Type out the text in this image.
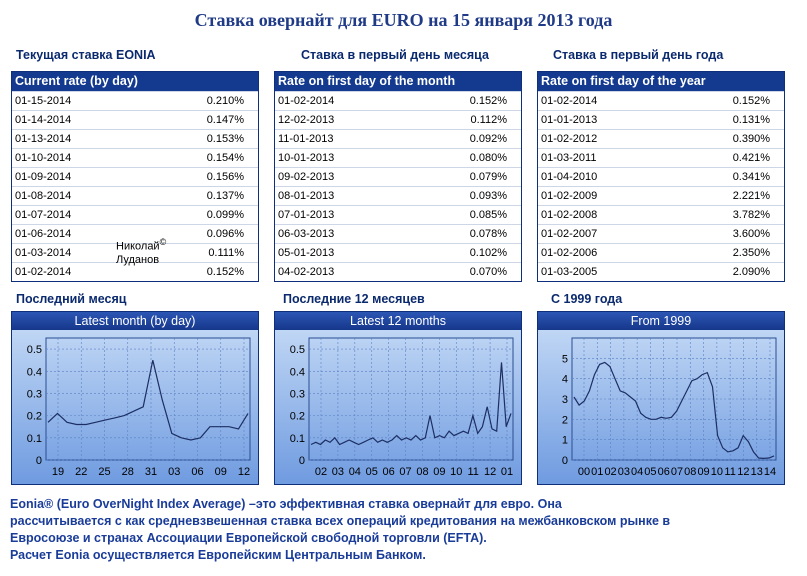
Ставка овернайт для EURO на 15 января 2013 года
Текущая ставка EONIA	Ставка в первый день месяца	Ставка в первый день года
Current rate (by day)
01-15-2014	0.210%
01-14-2014	0.147%
01-13-2014	0.153%
01-10-2014	0.154%
01-09-2014	0.156%
01-08-2014	0.137%
01-07-2014	0.099%
01-06-2014	0.096%
01-03-2014	0.111%
01-02-2014	0.152%
Rate on first day of the month
01-02-2014	0.152%
12-02-2013	0.112%
11-01-2013	0.092%
10-01-2013	0.080%
09-02-2013	0.079%
08-01-2013	0.093%
07-01-2013	0.085%
06-03-2013	0.078%
05-01-2013	0.102%
04-02-2013	0.070%
Rate on first day of the year
01-02-2014	0.152%
01-01-2013	0.131%
01-02-2012	0.390%
01-03-2011	0.421%
01-04-2010	0.341%
01-02-2009	2.221%
01-02-2008	3.782%
01-02-2007	3.600%
01-02-2006	2.350%
01-03-2005	2.090%
Николай©
Луданов
Последний месяц	Последние 12 месяцев	С 1999 года
Latest month (by day)
0
0.1
0.2
0.3
0.4
0.5
19 22 25 28 31 03 06 09 12
Latest 12 months
0
0.1
0.2
0.3
0.4
0.5
02 03 04 05 06 07 08 09 10 11 12 01
From 1999
0
1
2
3
4
5
00 01 02 03 04 05 06 07 08 09 10 11 12 13 14

Eonia® (Euro OverNight Index Average) –это эффективная ставка овернайт для евро. Она

рассчитывается с как средневзвешенная ставка всех операций кредитования на межбанковском рынке в

Евросоюзе и странах Ассоциации Европейской свободной торговли (EFTA).

Расчет Eonia осуществляется Европейским Центральным Банком.
